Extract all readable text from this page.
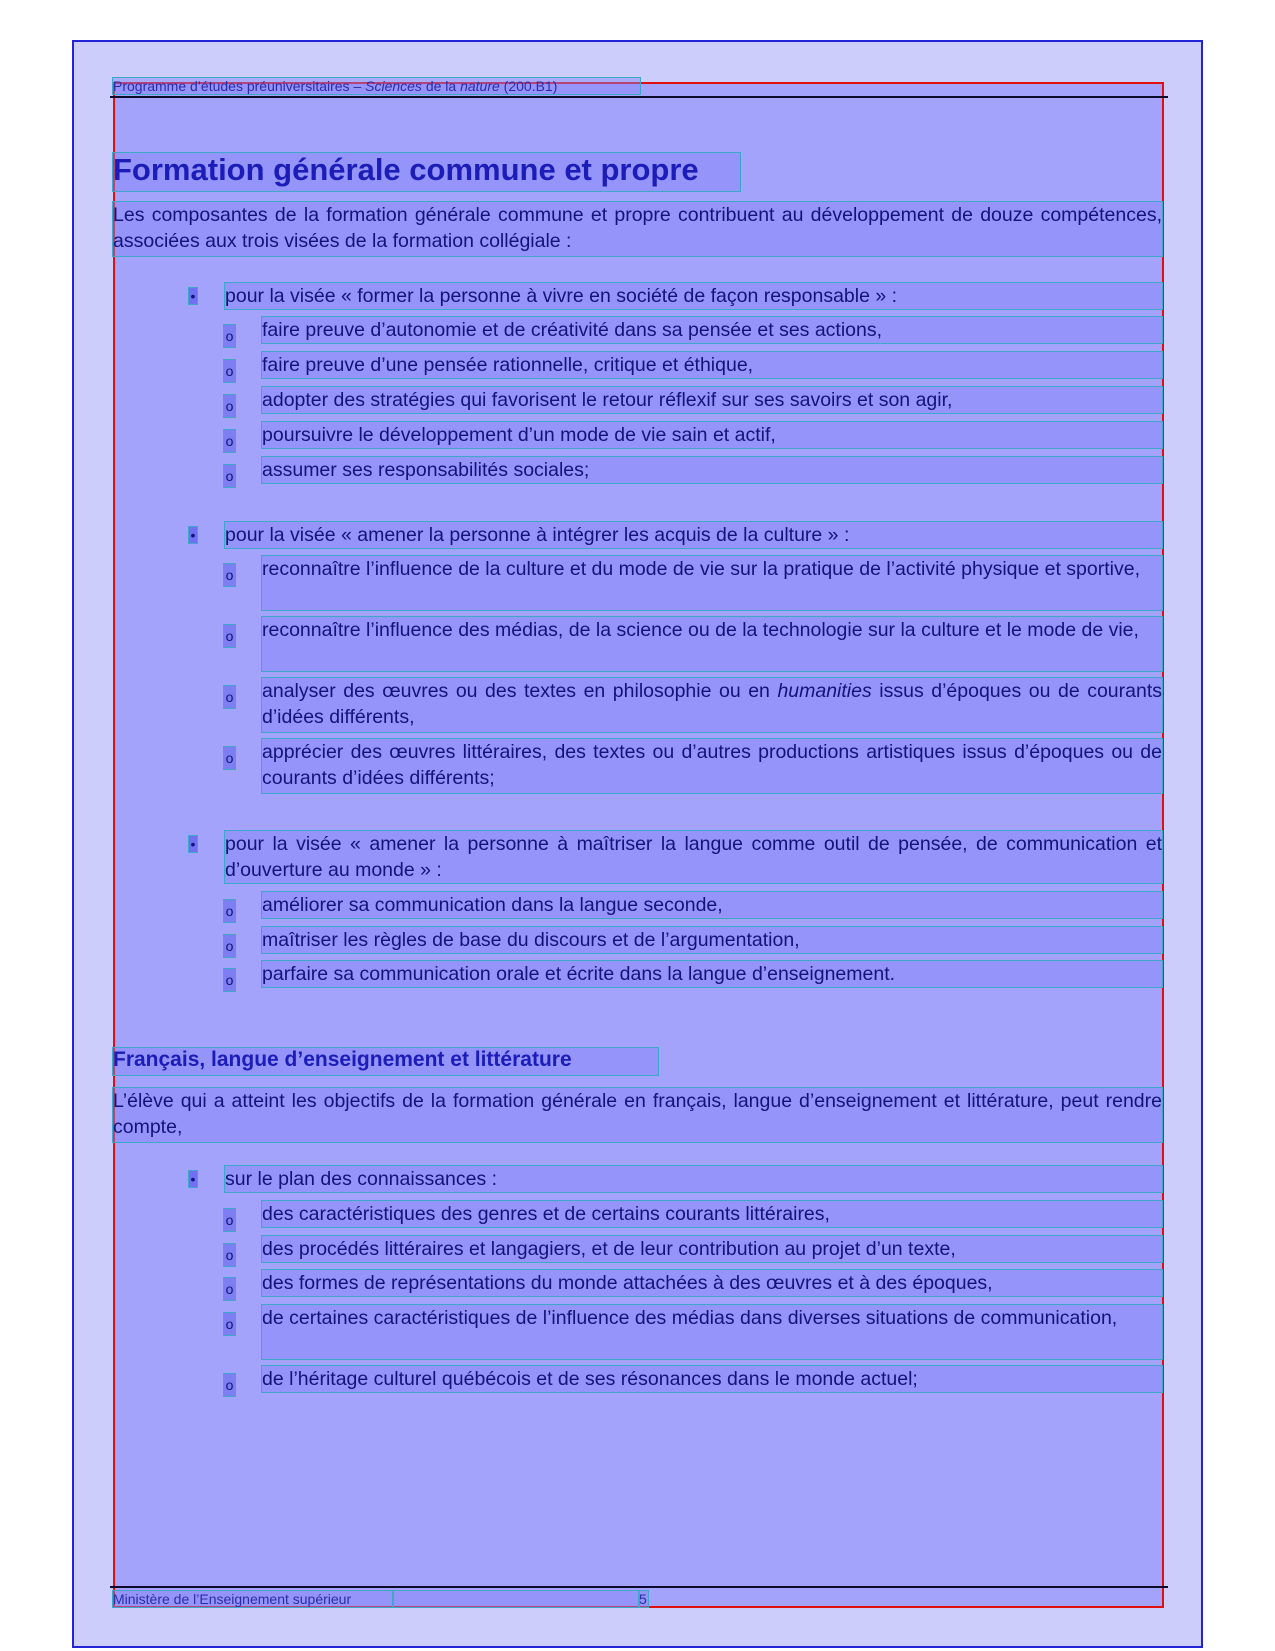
Programme d’études préuniversitaires – Sciences de la nature (200.B1)
Formation générale commune et propre
Les composantes de la formation générale commune et propre contribuent au développement de douze compétences, associées aux trois visées de la formation collégiale :
• pour la visée « former la personne à vivre en société de façon responsable » :
o faire preuve d’autonomie et de créativité dans sa pensée et ses actions,
o faire preuve d’une pensée rationnelle, critique et éthique,
o adopter des stratégies qui favorisent le retour réflexif sur ses savoirs et son agir,
o poursuivre le développement d’un mode de vie sain et actif,
o assumer ses responsabilités sociales;
• pour la visée « amener la personne à intégrer les acquis de la culture » :
o reconnaître l’influence de la culture et du mode de vie sur la pratique de l’activité physique et sportive,
o reconnaître l’influence des médias, de la science ou de la technologie sur la culture et le mode de vie,
o analyser des œuvres ou des textes en philosophie ou en humanities issus d’époques ou de courants d’idées différents,
o apprécier des œuvres littéraires, des textes ou d’autres productions artistiques issus d’époques ou de courants d’idées différents;
• pour la visée « amener la personne à maîtriser la langue comme outil de pensée, de communication et d’ouverture au monde » :
o améliorer sa communication dans la langue seconde,
o maîtriser les règles de base du discours et de l’argumentation,
o parfaire sa communication orale et écrite dans la langue d’enseignement.
Français, langue d’enseignement et littérature
L’élève qui a atteint les objectifs de la formation générale en français, langue d’enseignement et littérature, peut rendre compte,
• sur le plan des connaissances :
o des caractéristiques des genres et de certains courants littéraires,
o des procédés littéraires et langagiers, et de leur contribution au projet d’un texte,
o des formes de représentations du monde attachées à des œuvres et à des époques,
o de certaines caractéristiques de l’influence des médias dans diverses situations de communication,
o de l’héritage culturel québécois et de ses résonances dans le monde actuel;
Ministère de l’Enseignement supérieur	5
